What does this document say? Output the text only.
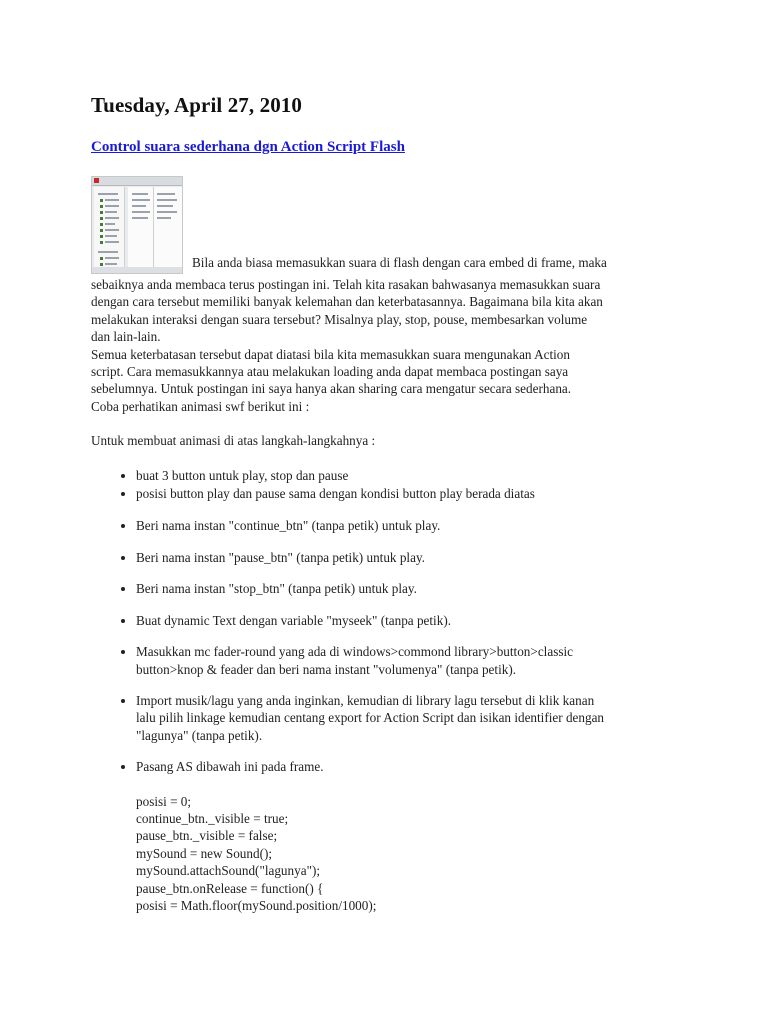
Tuesday, April 27, 2010
Control suara sederhana dgn Action Script Flash

Bila anda biasa memasukkan suara di flash dengan cara embed di frame, maka

sebaiknya anda membaca terus postingan ini. Telah kita rasakan bahwasanya memasukkan suara

dengan cara tersebut memiliki banyak kelemahan dan keterbatasannya. Bagaimana bila kita akan

melakukan interaksi dengan suara tersebut? Misalnya play, stop, pouse, membesarkan volume

dan lain-lain.

Semua keterbatasan tersebut dapat diatasi bila kita memasukkan suara mengunakan Action

script. Cara memasukkannya atau melakukan loading anda dapat membaca postingan saya

sebelumnya. Untuk postingan ini saya hanya akan sharing cara mengatur secara sederhana.

Coba perhatikan animasi swf berikut ini :

Untuk membuat animasi di atas langkah-langkahnya :

• buat 3 button untuk play, stop dan pause
• posisi button play dan pause sama dengan kondisi button play berada diatas
• Beri nama instan "continue_btn" (tanpa petik) untuk play.
• Beri nama instan "pause_btn" (tanpa petik) untuk play.
• Beri nama instan "stop_btn" (tanpa petik) untuk play.
• Buat dynamic Text dengan variable "myseek" (tanpa petik).
• Masukkan mc fader-round yang ada di windows>commond library>button>classic
button>knop & feader dan beri nama instant "volumenya" (tanpa petik).
• Import musik/lagu yang anda inginkan, kemudian di library lagu tersebut di klik kanan
lalu pilih linkage kemudian centang export for Action Script dan isikan identifier dengan
"lagunya" (tanpa petik).
• Pasang AS dibawah ini pada frame.
posisi = 0;
continue_btn._visible = true;
pause_btn._visible = false;
mySound = new Sound();
mySound.attachSound("lagunya");
pause_btn.onRelease = function() {
posisi = Math.floor(mySound.position/1000);
